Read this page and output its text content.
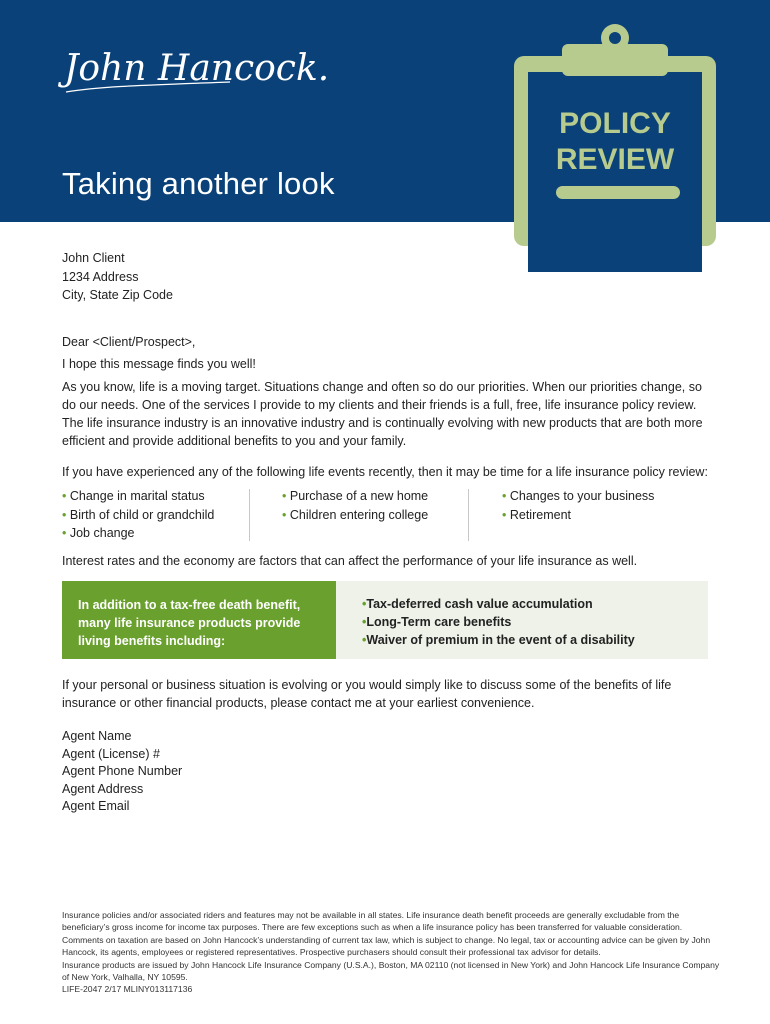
John Hancock.
Taking another look
POLICY
REVIEW
John Client
1234 Address
City, State Zip Code
Dear <Client/Prospect>,
I hope this message finds you well!
As you know, life is a moving target. Situations change and often so do our priorities. When our priorities change, so do our needs. One of the services I provide to my clients and their friends is a full, free, life insurance policy review. The life insurance industry is an innovative industry and is continually evolving with new products that are both more efficient and provide additional benefits to you and your family.
If you have experienced any of the following life events recently, then it may be time for a life insurance policy review:
• Change in marital status
• Birth of child or grandchild
• Job change
• Purchase of a new home
• Children entering college
• Changes to your business
• Retirement
Interest rates and the economy are factors that can affect the performance of your life insurance as well.
In addition to a tax-free death benefit, many life insurance products provide living benefits including:
• Tax-deferred cash value accumulation
• Long-Term care benefits
• Waiver of premium in the event of a disability
If your personal or business situation is evolving or you would simply like to discuss some of the benefits of life insurance or other financial products, please contact me at your earliest convenience.
Agent Name
Agent (License) #
Agent Phone Number
Agent Address
Agent Email
Insurance policies and/or associated riders and features may not be available in all states. Life insurance death benefit proceeds are generally excludable from the beneficiary’s gross income for income tax purposes. There are few exceptions such as when a life insurance policy has been transferred for valuable consideration. Comments on taxation are based on John Hancock’s understanding of current tax law, which is subject to change. No legal, tax or accounting advice can be given by John Hancock, its agents, employees or registered representatives. Prospective purchasers should consult their professional tax advisor for details.
Insurance products are issued by John Hancock Life Insurance Company (U.S.A.), Boston, MA 02110 (not licensed in New York) and John Hancock Life Insurance Company of New York, Valhalla, NY 10595.
LIFE-2047 2/17 MLINY013117136
